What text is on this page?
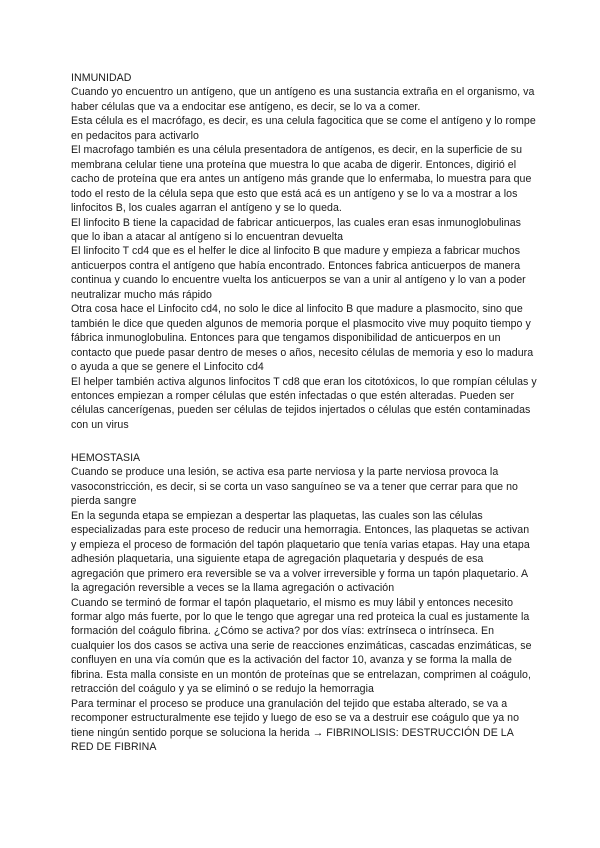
INMUNIDAD

Cuando yo encuentro un antígeno, que un antígeno es una sustancia extraña en el organismo, va haber células que va a endocitar ese antígeno, es decir, se lo va a comer.

Esta célula es el macrófago, es decir, es una celula fagocitica que se come el antígeno y lo rompe en pedacitos para activarlo

El macrofago también es una célula presentadora de antígenos, es decir, en la superficie de su membrana celular tiene una proteína que muestra lo que acaba de digerir. Entonces, digirió el cacho de proteína que era antes un antígeno más grande que lo enfermaba, lo muestra para que todo el resto de la célula sepa que esto que está acá es un antígeno y se lo va a mostrar a los linfocitos B, los cuales agarran el antígeno y se lo queda.

El linfocito B tiene la capacidad de fabricar anticuerpos, las cuales eran esas inmunoglobulinas que lo iban a atacar al antígeno si lo encuentran devuelta

El linfocito T cd4 que es el helfer le dice al linfocito B que madure y empieza a fabricar muchos anticuerpos contra el antígeno que había encontrado. Entonces fabrica anticuerpos de manera continua y cuando lo encuentre vuelta los anticuerpos se van a unir al antígeno y lo van a poder neutralizar mucho más rápido

Otra cosa hace el Linfocito cd4, no solo le dice al linfocito B que madure a plasmocito, sino que también le dice que queden algunos de memoria porque el plasmocito vive muy poquito tiempo y fábrica inmunoglobulina. Entonces para que tengamos disponibilidad de anticuerpos en un contacto que puede pasar dentro de meses o años, necesito células de memoria y eso lo madura o ayuda a que se genere el Linfocito cd4

El helper también activa algunos linfocitos T cd8 que eran los citotóxicos, lo que rompían células y entonces empiezan a romper células que estén infectadas o que estén alteradas. Pueden ser células cancerígenas, pueden ser células de tejidos injertados o células que estén contaminadas con un virus

HEMOSTASIA

Cuando se produce una lesión, se activa esa parte nerviosa y la parte nerviosa provoca la vasoconstricción, es decir, si se corta un vaso sanguíneo se va a tener que cerrar para que no pierda sangre

En la segunda etapa se empiezan a despertar las plaquetas, las cuales son las células especializadas para este proceso de reducir una hemorragia. Entonces, las plaquetas se activan y empieza el proceso de formación del tapón plaquetario que tenía varias etapas. Hay una etapa adhesión plaquetaria, una siguiente etapa de agregación plaquetaria y después de esa agregación que primero era reversible se va a volver irreversible y forma un tapón plaquetario. A la agregación reversible a veces se la llama agregación o activación

Cuando se terminó de formar el tapón plaquetario, el mismo es muy lábil y entonces necesito formar algo más fuerte, por lo que le tengo que agregar una red proteica la cual es justamente la formación del coágulo fibrina. ¿Cómo se activa? por dos vías: extrínseca o intrínseca. En cualquier los dos casos se activa una serie de reacciones enzimáticas, cascadas enzimáticas, se confluyen en una vía común que es la activación del factor 10, avanza y se forma la malla de fibrina. Esta malla consiste en un montón de proteínas que se entrelazan, comprimen al coágulo, retracción del coágulo y ya se eliminó o se redujo la hemorragia

Para terminar el proceso se produce una granulación del tejido que estaba alterado, se va a recomponer estructuralmente ese tejido y luego de eso se va a destruir ese coágulo que ya no tiene ningún sentido porque se soluciona la herida → FIBRINOLISIS: DESTRUCCIÓN DE LA RED DE FIBRINA
